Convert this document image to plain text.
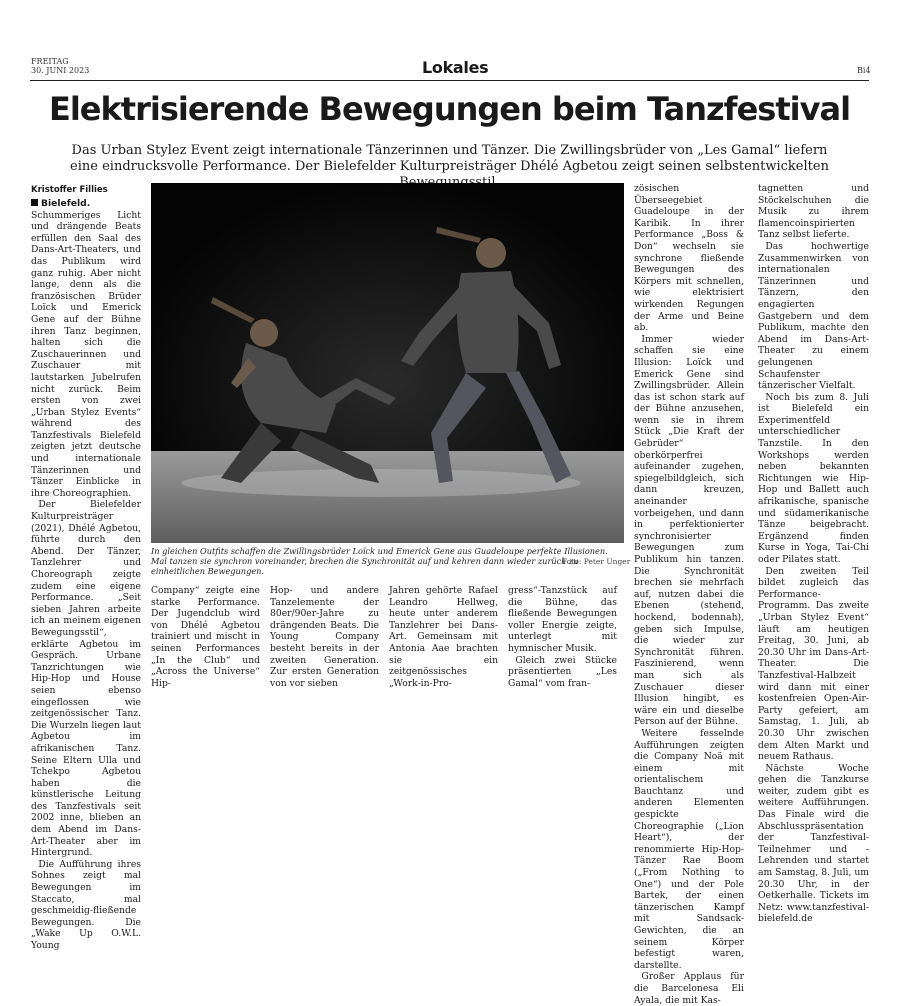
FREITAG
30. JUNI 2023	Lokales	Bi4
Elektrisierende Bewegungen beim Tanzfestival
Das Urban Stylez Event zeigt internationale Tänzerinnen und Tänzer. Die Zwillingsbrüder von „Les Gamal“ liefern
eine eindrucksvolle Performance. Der Bielefelder Kulturpreisträger Dhélé Agbetou zeigt seinen selbstentwickelten
Kristoffer Fillies

Bielefeld. Schummeriges Licht und drängende Beats erfüllen den Saal des Dans-Art-Theaters, und das Publikum wird ganz ruhig. Aber nicht lange, denn als die französischen Brüder Loïck und Emerick Gene auf der Bühne ihren Tanz beginnen, halten sich die Zuschauerinnen und Zuschauer mit lautstarken Jubelrufen nicht zurück. Beim ersten von zwei „Urban Stylez Events“ während des Tanzfestivals Bielefeld zeigten jetzt deutsche und internationale Tänzerinnen und Tänzer Einblicke in ihre Choreographien.

Der Bielefelder Kulturpreisträger (2021), Dhélé Agbetou, führte durch den Abend. Der Tänzer, Tanzlehrer und Choreograph zeigte zudem eine eigene Performance. „Seit sieben Jahren arbeite ich an meinem eigenen Bewegungsstil“, erklärte Agbetou im Gespräch. Urbane Tanzrichtungen wie Hip-Hop und House seien ebenso eingeflossen wie zeitgenössischer Tanz. Die Wurzeln liegen laut Agbetou im afrikanischen Tanz. Seine Eltern Ulla und Tchekpo Agbetou haben die künstlerische Leitung des Tanzfestivals seit 2002 inne, blieben an dem Abend im Dans-Art-Theater aber im Hintergrund.

Die Aufführung ihres Sohnes zeigt mal Bewegungen im Staccato, mal geschmeidig-fließende Bewegungen. Die „Wake Up O.W.L. Young

In gleichen Outfits schaffen die Zwillingsbrüder Loïck und Emerick Gene aus Guadeloupe perfekte Illusionen. Mal tanzen sie synchron voreinander, brechen die Synchronität auf und kehren dann wieder zurück zu einheitlichen Bewegungen.
Foto: Peter Unger

Company“ zeigte eine starke Performance. Der Jugendclub wird von Dhélé Agbetou trainiert und mischt in seinen Performances „In the Club“ und „Across the Universe“ Hip-

Hop- und andere Tanzelemente der 80er/90er-Jahre zu drängenden Beats. Die Young Company besteht bereits in der zweiten Generation. Zur ersten Generation von vor sieben

Jahren gehörte Rafael Leandro Hellweg, heute unter anderem Tanzlehrer bei Dans-Art. Gemeinsam mit Antonia Aae brachten sie ein zeitgenössisches „Work-in-Pro-

gress“-Tanzstück auf die Bühne, das fließende Bewegungen voller Energie zeigte, unterlegt mit hymnischer Musik.

Gleich zwei Stücke präsentierten „Les Gamal“ vom fran-

zösischen Überseegebiet Guadeloupe in der Karibik. In ihrer Performance „Boss & Don“ wechseln sie synchrone fließende Bewegungen des Körpers mit schnellen, wie elektrisiert wirkenden Regungen der Arme und Beine ab.

Immer wieder schaffen sie eine Illusion: Loïck und Emerick Gene sind Zwillingsbrüder. Allein das ist schon stark auf der Bühne anzusehen, wenn sie in ihrem Stück „Die Kraft der Gebrüder“ oberkörperfrei aufeinander zugehen, spiegelbildgleich, sich dann kreuzen, aneinander vorbeigehen, und dann in perfektionierter synchronisierter Bewegungen zum Publikum hin tanzen. Die Synchronität brechen sie mehrfach auf, nutzen dabei die Ebenen (stehend, hockend, bodennah), geben sich Impulse, die wieder zur Synchronität führen. Faszinierend, wenn man sich als Zuschauer dieser Illusion hingibt, es wäre ein und dieselbe Person auf der Bühne.

Weitere fesselnde Aufführungen zeigten die Company Noä mit einem mit orientalischem Bauchtanz und anderen Elementen gespickte Choreographie („Lion Heart“), der renommierte Hip-Hop-Tänzer Rae Boom („From Nothing to One“) und der Pole Bartek, der einen tänzerischen Kampf mit Sandsack-Gewichten, die an seinem Körper befestigt waren, darstellte.

Großer Applaus für die Barcelonesa Eli Ayala, die mit Kas-

tagnetten und Stöckelschuhen die Musik zu ihrem flamencoinspirierten Tanz selbst lieferte.

Das hochwertige Zusammenwirken von internationalen Tänzerinnen und Tänzern, den engagierten Gastgebern und dem Publikum, machte den Abend im Dans-Art-Theater zu einem gelungenen Schaufenster tänzerischer Vielfalt.

Noch bis zum 8. Juli ist Bielefeld ein Experimentfeld unterschiedlicher Tanzstile. In den Workshops werden neben bekannten Richtungen wie Hip-Hop und Ballett auch afrikanische, spanische und südamerikanische Tänze beigebracht. Ergänzend finden Kurse in Yoga, Tai-Chi oder Pilates statt.

Den zweiten Teil bildet zugleich das Performance-Programm. Das zweite „Urban Stylez Event“ läuft am heutigen Freitag, 30. Juni, ab 20.30 Uhr im Dans-Art-Theater. Die Tanzfestival-Halbzeit wird dann mit einer kostenfreien Open-Air-Party gefeiert, am Samstag, 1. Juli, ab 20.30 Uhr zwischen dem Alten Markt und neuem Rathaus.

Nächste Woche gehen die Tanzkurse weiter, zudem gibt es weitere Aufführungen. Das Finale wird die Abschlusspräsentation der Tanzfestival-Teilnehmer und -Lehrenden und startet am Samstag, 8. Juli, um 20.30 Uhr, in der Oetkerhalle. Tickets im Netz: www.tanzfestival-bielefeld.de
